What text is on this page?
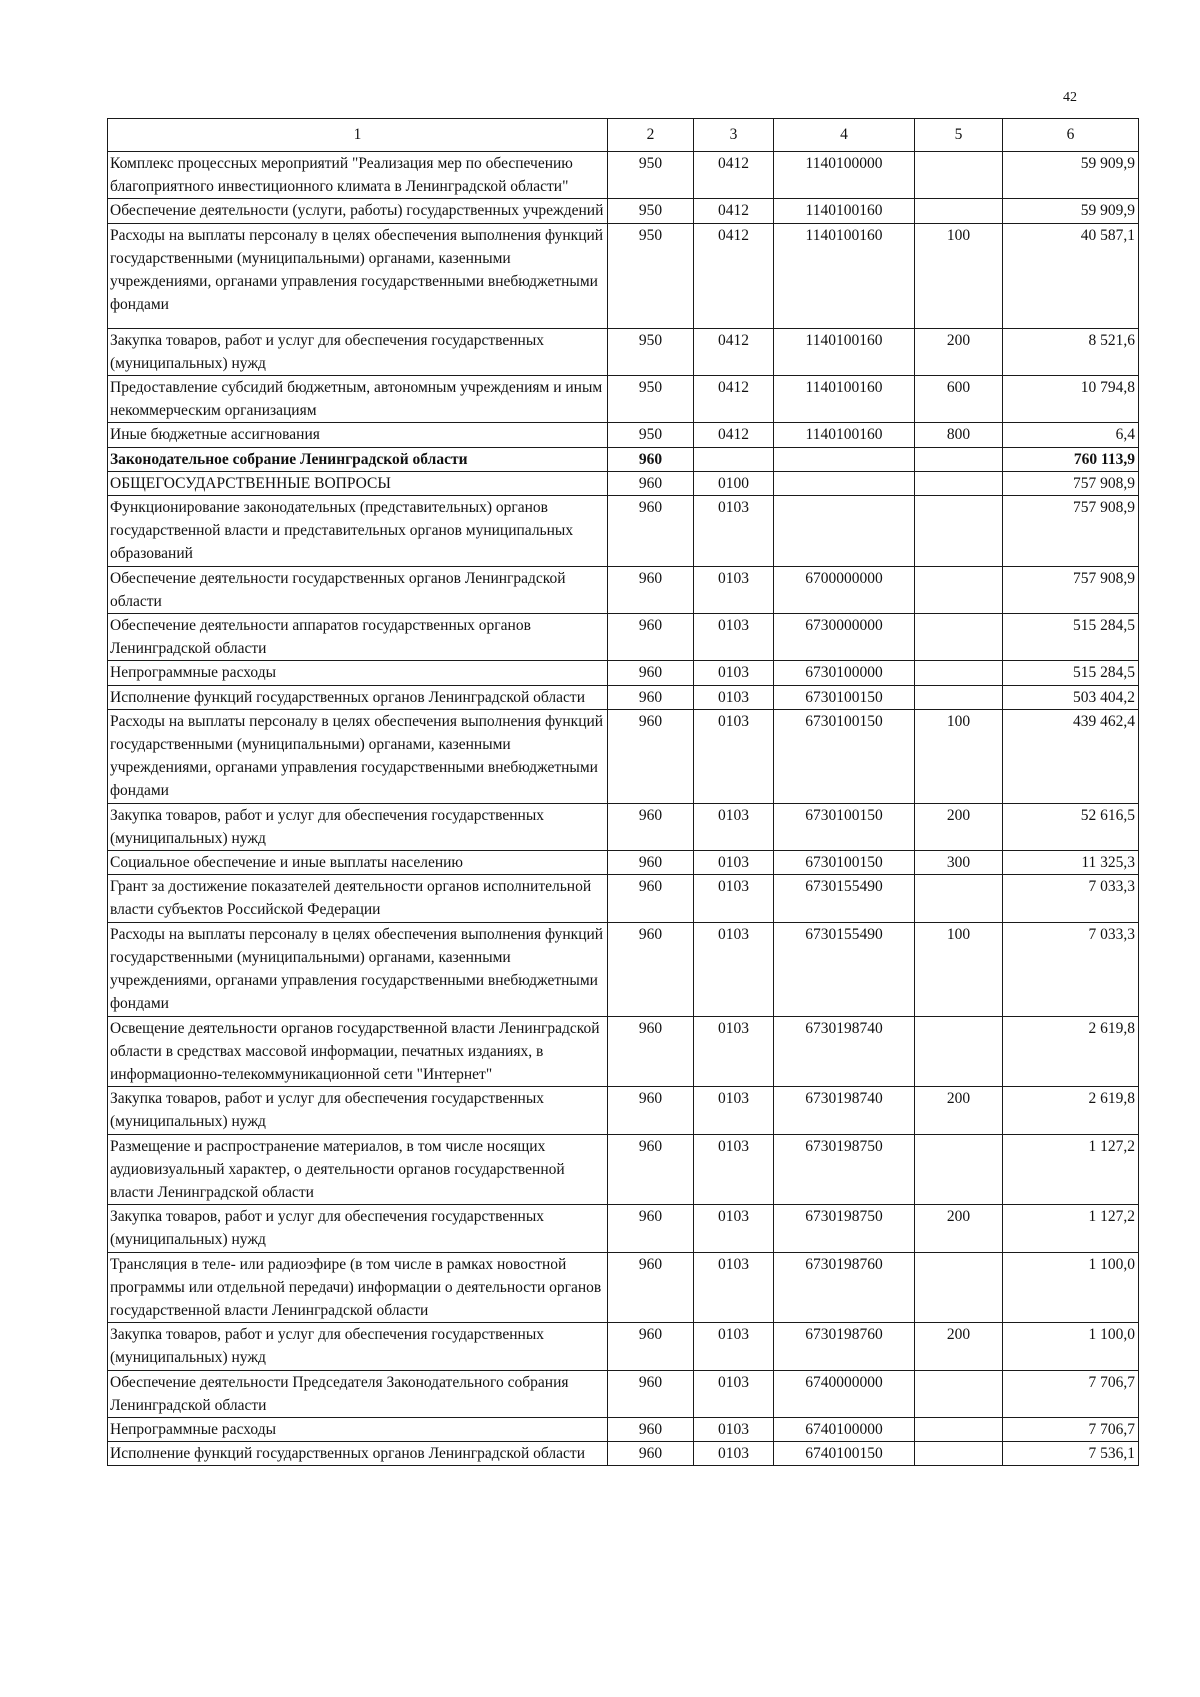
42
1	2	3	4	5	6
Комплекс процессных мероприятий "Реализация мер по обеспечению благоприятного инвестиционного климата в Ленинградской области"	950	0412	1140100000		59 909,9
Обеспечение деятельности (услуги, работы) государственных учреждений	950	0412	1140100160		59 909,9
Расходы на выплаты персоналу в целях обеспечения выполнения функций государственными (муниципальными) органами, казенными учреждениями, органами управления государственными внебюджетными фондами	950	0412	1140100160	100	40 587,1
Закупка товаров, работ и услуг для обеспечения государственных (муниципальных) нужд	950	0412	1140100160	200	8 521,6
Предоставление субсидий бюджетным, автономным учреждениям и иным некоммерческим организациям	950	0412	1140100160	600	10 794,8
Иные бюджетные ассигнования	950	0412	1140100160	800	6,4
Законодательное собрание Ленинградской области	960				760 113,9
ОБЩЕГОСУДАРСТВЕННЫЕ ВОПРОСЫ	960	0100			757 908,9
Функционирование законодательных (представительных) органов государственной власти и представительных органов муниципальных образований	960	0103			757 908,9
Обеспечение деятельности государственных органов Ленинградской области	960	0103	6700000000		757 908,9
Обеспечение деятельности аппаратов государственных органов Ленинградской области	960	0103	6730000000		515 284,5
Непрограммные расходы	960	0103	6730100000		515 284,5
Исполнение функций государственных органов Ленинградской области	960	0103	6730100150		503 404,2
Расходы на выплаты персоналу в целях обеспечения выполнения функций государственными (муниципальными) органами, казенными учреждениями, органами управления государственными внебюджетными фондами	960	0103	6730100150	100	439 462,4
Закупка товаров, работ и услуг для обеспечения государственных (муниципальных) нужд	960	0103	6730100150	200	52 616,5
Социальное обеспечение и иные выплаты населению	960	0103	6730100150	300	11 325,3
Грант за достижение показателей деятельности органов исполнительной власти субъектов Российской Федерации	960	0103	6730155490		7 033,3
Расходы на выплаты персоналу в целях обеспечения выполнения функций государственными (муниципальными) органами, казенными учреждениями, органами управления государственными внебюджетными фондами	960	0103	6730155490	100	7 033,3
Освещение деятельности органов государственной власти Ленинградской области в средствах массовой информации, печатных изданиях, в информационно-телекоммуникационной сети "Интернет"	960	0103	6730198740		2 619,8
Закупка товаров, работ и услуг для обеспечения государственных (муниципальных) нужд	960	0103	6730198740	200	2 619,8
Размещение и распространение материалов, в том числе носящих аудиовизуальный характер, о деятельности органов государственной власти Ленинградской области	960	0103	6730198750		1 127,2
Закупка товаров, работ и услуг для обеспечения государственных (муниципальных) нужд	960	0103	6730198750	200	1 127,2
Трансляция в теле- или радиоэфире (в том числе в рамках новостной программы или отдельной передачи) информации о деятельности органов государственной власти Ленинградской области	960	0103	6730198760		1 100,0
Закупка товаров, работ и услуг для обеспечения государственных (муниципальных) нужд	960	0103	6730198760	200	1 100,0
Обеспечение деятельности Председателя Законодательного собрания Ленинградской области	960	0103	6740000000		7 706,7
Непрограммные расходы	960	0103	6740100000		7 706,7
Исполнение функций государственных органов Ленинградской области	960	0103	6740100150		7 536,1
